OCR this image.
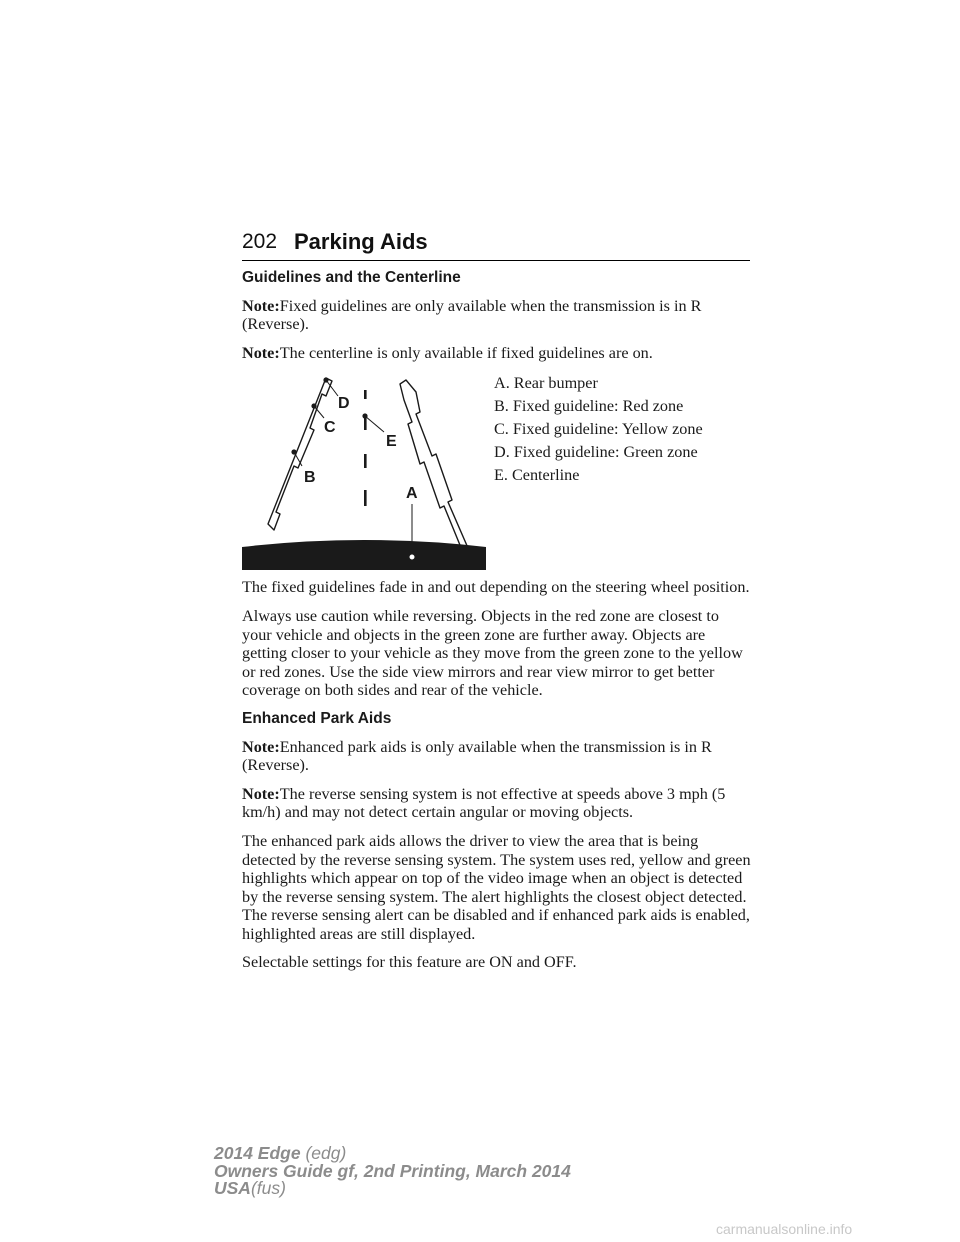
202 Parking Aids
Guidelines and the Centerline
Note:Fixed guidelines are only available when the transmission is in R (Reverse).
Note:The centerline is only available if fixed guidelines are on.
D
C
B
E
A
A. Rear bumper
B. Fixed guideline: Red zone
C. Fixed guideline: Yellow zone
D. Fixed guideline: Green zone
E. Centerline
The fixed guidelines fade in and out depending on the steering wheel position.
Always use caution while reversing. Objects in the red zone are closest to your vehicle and objects in the green zone are further away. Objects are getting closer to your vehicle as they move from the green zone to the yellow or red zones. Use the side view mirrors and rear view mirror to get better coverage on both sides and rear of the vehicle.
Enhanced Park Aids
Note:Enhanced park aids is only available when the transmission is in R (Reverse).
Note:The reverse sensing system is not effective at speeds above 3 mph (5 km/h) and may not detect certain angular or moving objects.
The enhanced park aids allows the driver to view the area that is being detected by the reverse sensing system. The system uses red, yellow and green highlights which appear on top of the video image when an object is detected by the reverse sensing system. The alert highlights the closest object detected. The reverse sensing alert can be disabled and if enhanced park aids is enabled, highlighted areas are still displayed.
Selectable settings for this feature are ON and OFF.
2014 Edge (edg)
Owners Guide gf, 2nd Printing, March 2014
USA(fus)
carmanualsonline.info
